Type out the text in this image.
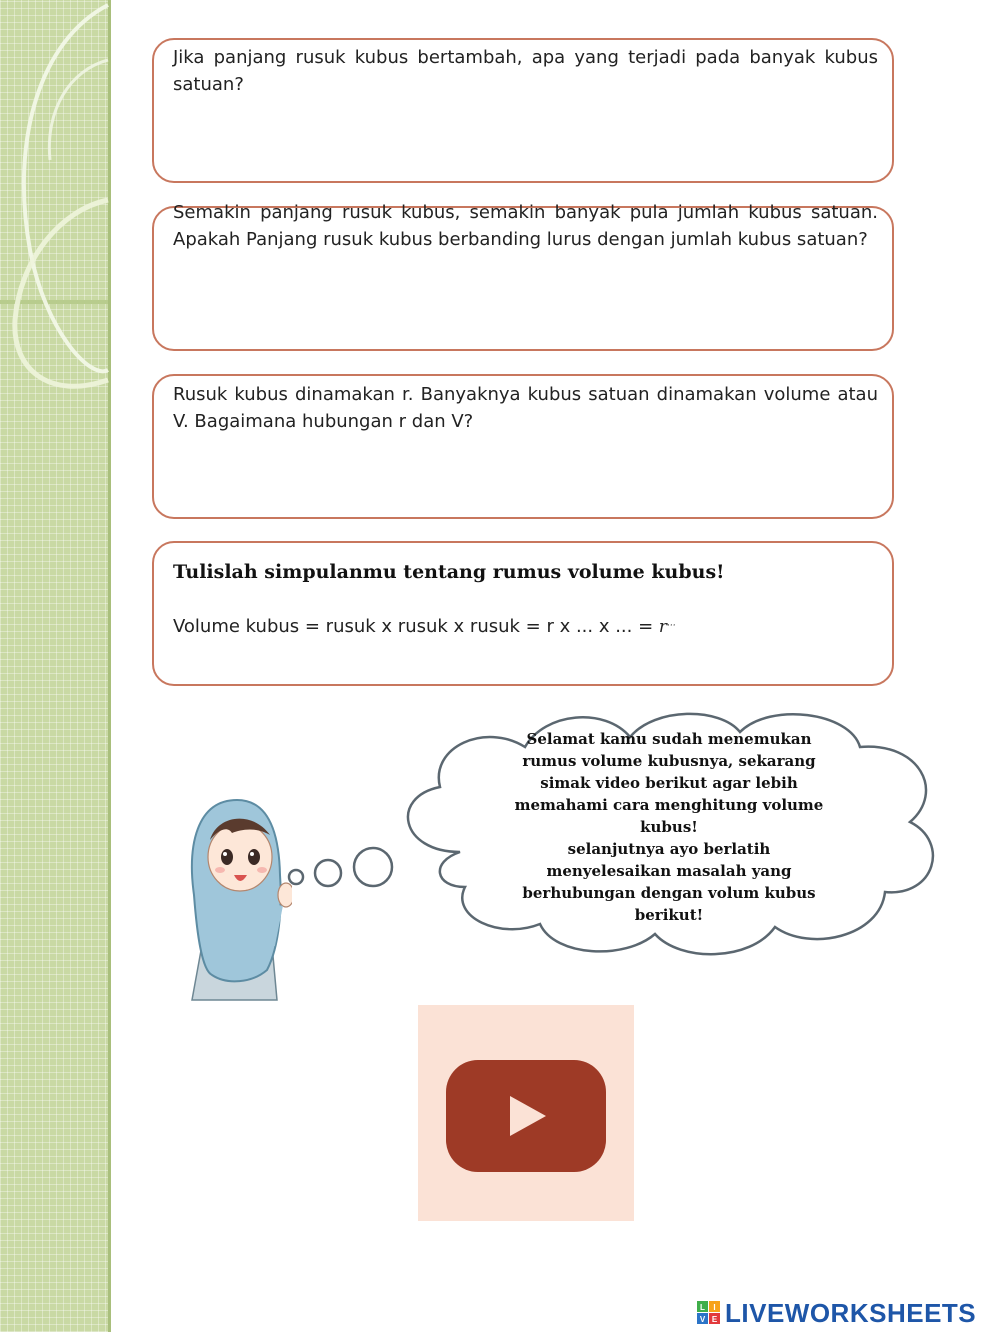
Jika panjang rusuk kubus bertambah, apa yang terjadi pada banyak kubus satuan?
Semakin panjang rusuk kubus, semakin banyak pula jumlah kubus satuan. Apakah Panjang rusuk kubus berbanding lurus dengan jumlah kubus satuan?
Rusuk kubus dinamakan r. Banyaknya kubus satuan dinamakan volume atau V. Bagaimana hubungan r dan V?
Tulislah simpulanmu tentang rumus volume kubus!
Volume kubus = rusuk x rusuk x rusuk = r x ... x ... = r...
Selamat kamu sudah menemukan
rumus volume kubusnya, sekarang
simak video berikut agar lebih
memahami cara menghitung volume
kubus!
selanjutnya ayo berlatih
menyelesaikan masalah yang
berhubungan dengan volum kubus
berikut!
L I
V E LIVEWORKSHEETS
